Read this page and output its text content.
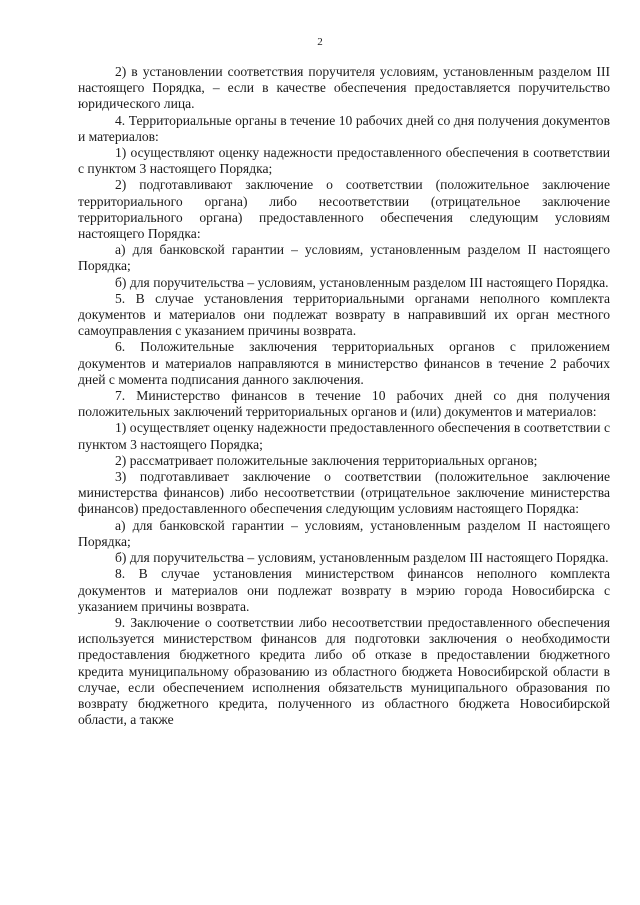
2

2) в установлении соответствия поручителя условиям, установленным разделом III настоящего Порядка, – если в качестве обеспечения предоставляется поручительство юридического лица.

4. Территориальные органы в течение 10 рабочих дней со дня получения документов и материалов:

1) осуществляют оценку надежности предоставленного обеспечения в соответствии с пунктом 3 настоящего Порядка;

2) подготавливают заключение о соответствии (положительное заключение территориального органа) либо несоответствии (отрицательное заключение территориального органа) предоставленного обеспечения следующим условиям настоящего Порядка:

а) для банковской гарантии – условиям, установленным разделом II настоящего Порядка;

б) для поручительства – условиям, установленным разделом III настоящего Порядка.

5. В случае установления территориальными органами неполного комплекта документов и материалов они подлежат возврату в направивший их орган местного самоуправления с указанием причины возврата.

6. Положительные заключения территориальных органов с приложением документов и материалов направляются в министерство финансов в течение 2 рабочих дней с момента подписания данного заключения.

7. Министерство финансов в течение 10 рабочих дней со дня получения положительных заключений территориальных органов и (или) документов и материалов:

1) осуществляет оценку надежности предоставленного обеспечения в соответствии с пунктом 3 настоящего Порядка;

2) рассматривает положительные заключения территориальных органов;

3) подготавливает заключение о соответствии (положительное заключение министерства финансов) либо несоответствии (отрицательное заключение министерства финансов) предоставленного обеспечения следующим условиям настоящего Порядка:

а) для банковской гарантии – условиям, установленным разделом II настоящего Порядка;

б) для поручительства – условиям, установленным разделом III настоящего Порядка.

8. В случае установления министерством финансов неполного комплекта документов и материалов они подлежат возврату в мэрию города Новосибирска с указанием причины возврата.

9. Заключение о соответствии либо несоответствии предоставленного обеспечения используется министерством финансов для подготовки заключения о необходимости предоставления бюджетного кредита либо об отказе в предоставлении бюджетного кредита муниципальному образованию из областного бюджета Новосибирской области в случае, если обеспечением исполнения обязательств муниципального образования по возврату бюджетного кредита, полученного из областного бюджета Новосибирской области, а также
